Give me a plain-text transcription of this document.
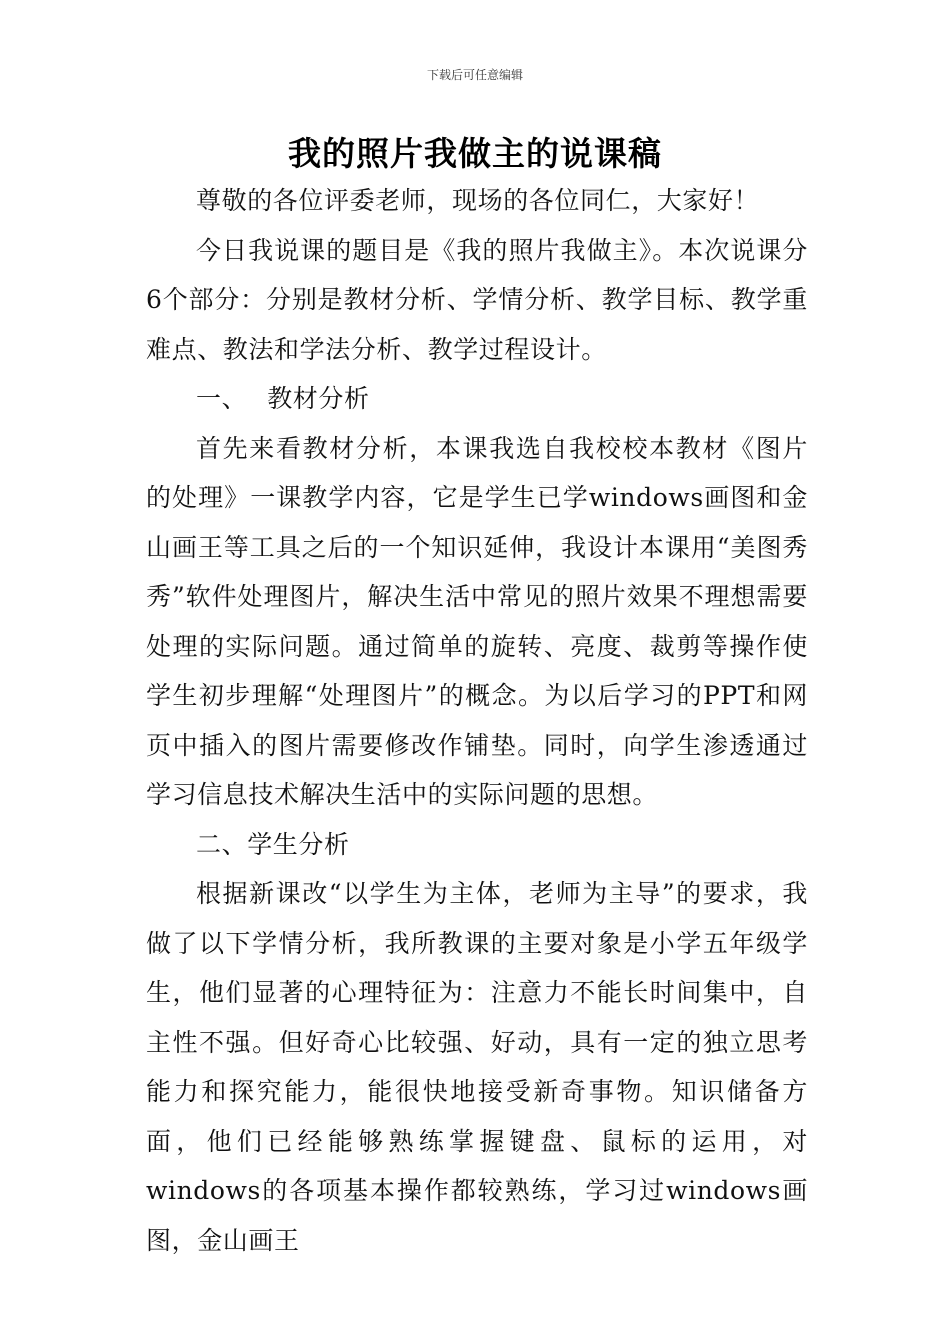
下载后可任意编辑
我的照片我做主的说课稿

尊敬的各位评委老师，现场的各位同仁，大家好！

今日我说课的题目是《我的照片我做主》。本次说课分6个部分：分别是教材分析、学情分析、教学目标、教学重难点、教法和学法分析、教学过程设计。

一、 教材分析

首先来看教材分析，本课我选自我校校本教材《图片的处理》一课教学内容，它是学生已学windows画图和金山画王等工具之后的一个知识延伸，我设计本课用“美图秀秀”软件处理图片，解决生活中常见的照片效果不理想需要处理的实际问题。通过简单的旋转、亮度、裁剪等操作使学生初步理解“处理图片”的概念。为以后学习的PPT和网页中插入的图片需要修改作铺垫。同时，向学生渗透通过学习信息技术解决生活中的实际问题的思想。

二、学生分析

根据新课改“以学生为主体，老师为主导”的要求，我做了以下学情分析，我所教课的主要对象是小学五年级学生，他们显著的心理特征为：注意力不能长时间集中，自主性不强。但好奇心比较强、好动，具有一定的独立思考能力和探究能力，能很快地接受新奇事物。知识储备方面，他们已经能够熟练掌握键盘、鼠标的运用，对windows的各项基本操作都较熟练，学习过windows画图，金山画王
